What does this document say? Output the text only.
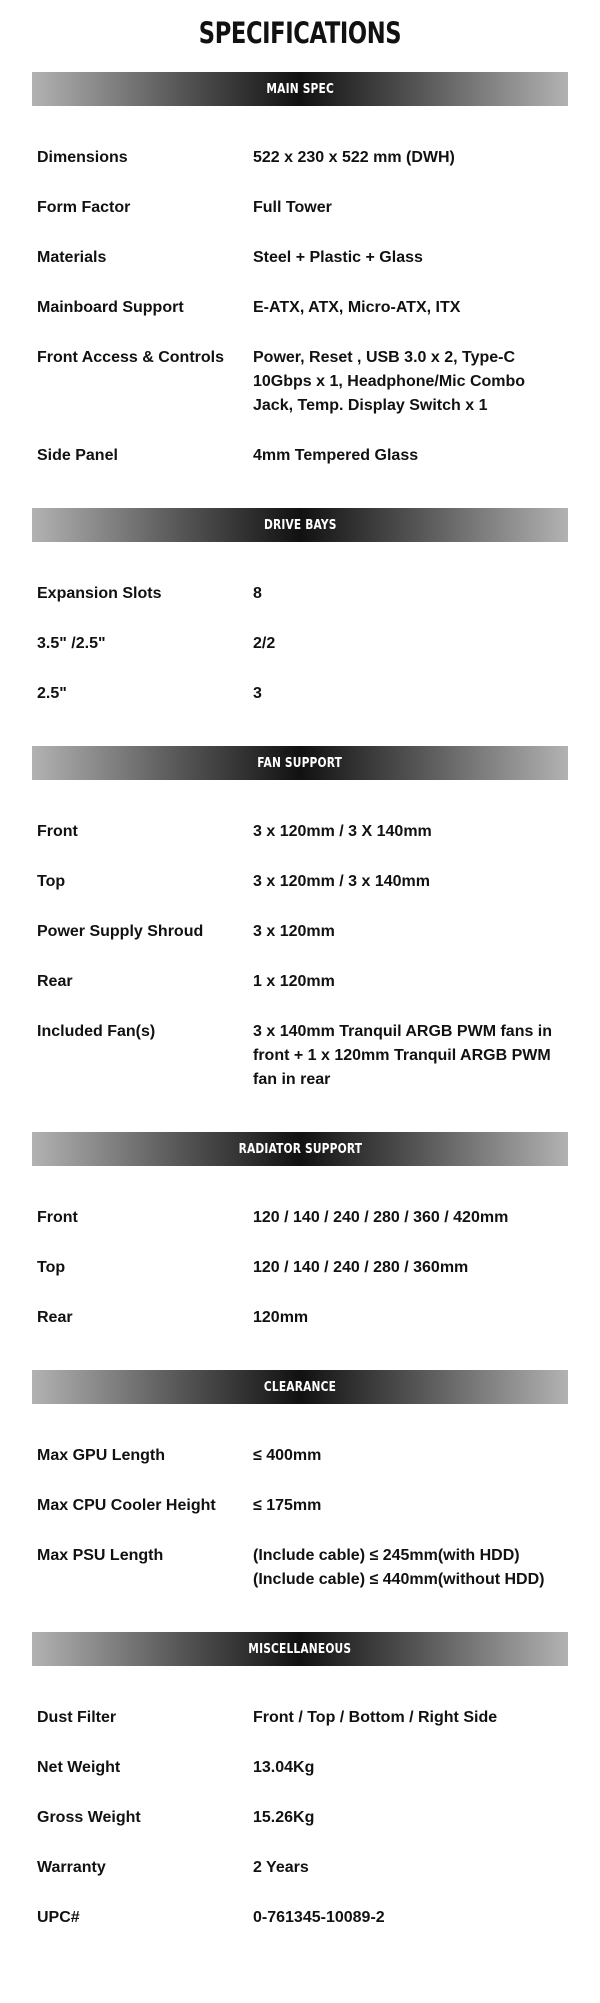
SPECIFICATIONS
MAIN SPEC
Dimensions	522 x 230 x 522 mm (DWH)
Form Factor	Full Tower
Materials	Steel + Plastic + Glass
Mainboard Support	E-ATX, ATX, Micro-ATX, ITX
Front Access & Controls	Power, Reset , USB 3.0 x 2, Type-C 10Gbps x 1, Headphone/Mic Combo Jack, Temp. Display Switch x 1
Side Panel	4mm Tempered Glass
DRIVE BAYS
Expansion Slots	8
3.5" /2.5"	2/2
2.5"	3
FAN SUPPORT
Front	3 x 120mm / 3 X 140mm
Top	3 x 120mm / 3 x 140mm
Power Supply Shroud	3 x 120mm
Rear	1 x 120mm
Included Fan(s)	3 x 140mm Tranquil ARGB PWM fans in front + 1 x 120mm Tranquil ARGB PWM fan in rear
RADIATOR SUPPORT
Front	120 / 140 / 240 / 280 / 360 / 420mm
Top	120 / 140 / 240 / 280 / 360mm
Rear	120mm
CLEARANCE
Max GPU Length	≤ 400mm
Max CPU Cooler Height	≤ 175mm
Max PSU Length	(Include cable) ≤ 245mm(with HDD)
(Include cable) ≤ 440mm(without HDD)
MISCELLANEOUS
Dust Filter	Front / Top / Bottom / Right Side
Net Weight	13.04Kg
Gross Weight	15.26Kg
Warranty	2 Years
UPC#	0-761345-10089-2
